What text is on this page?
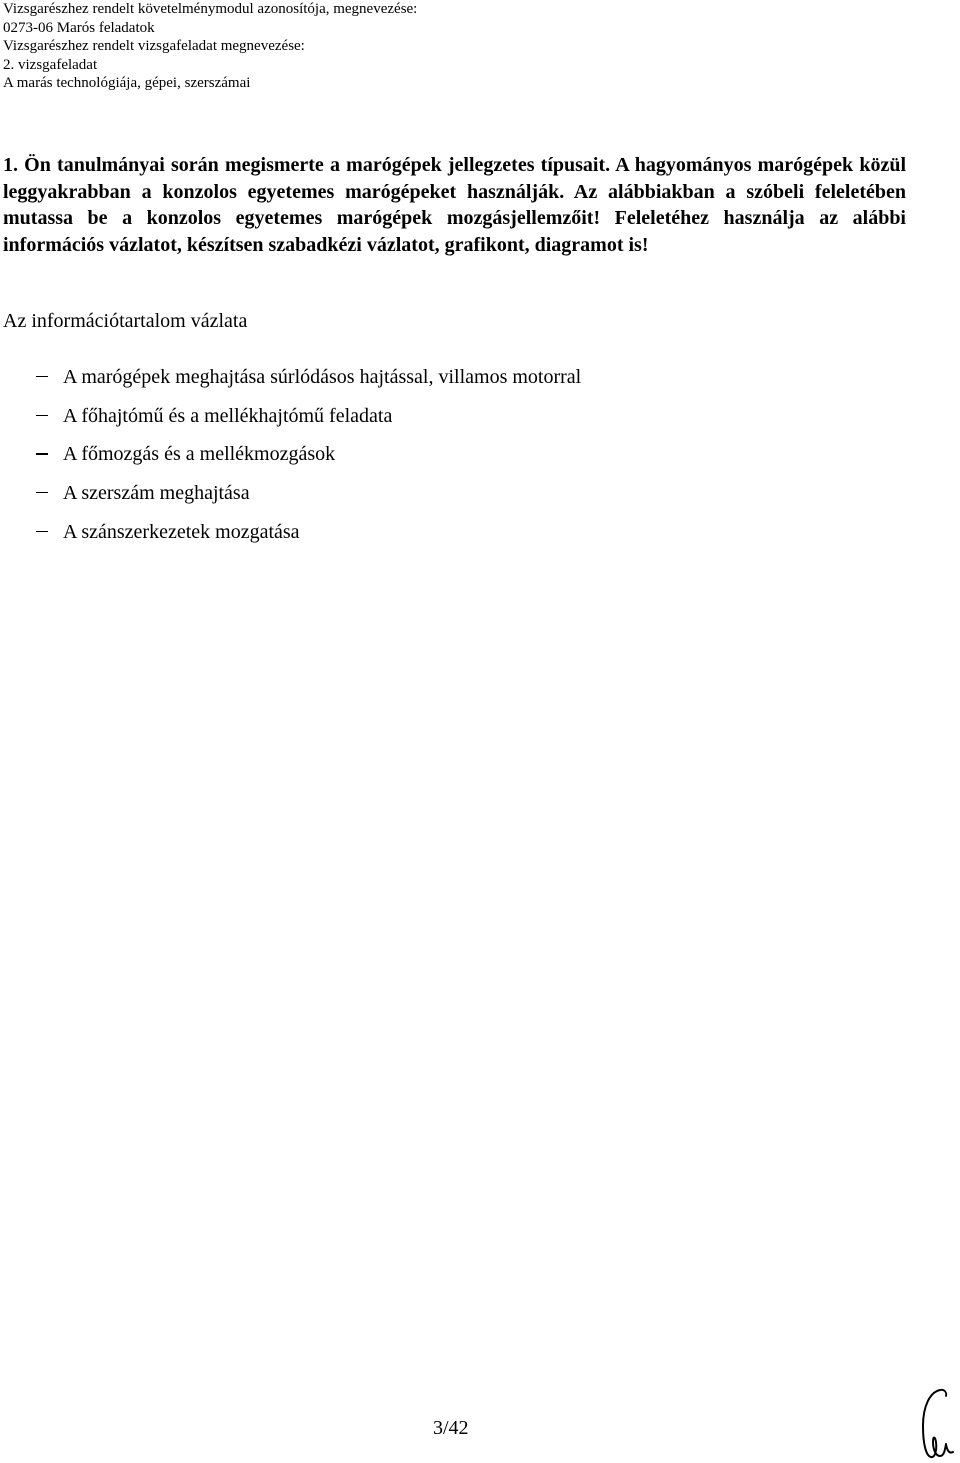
Vizsgarészhez rendelt követelménymodul azonosítója, megnevezése:
0273-06 Marós feladatok
Vizsgarészhez rendelt vizsgafeladat megnevezése:
2. vizsgafeladat
A marás technológiája, gépei, szerszámai
1. Ön tanulmányai során megismerte a marógépek jellegzetes típusait. A hagyományos marógépek közül leggyakrabban a konzolos egyetemes marógépeket használják. Az alábbiakban a szóbeli feleletében mutassa be a konzolos egyetemes marógépek mozgásjellemzőit! Feleletéhez használja az alábbi információs vázlatot, készítsen szabadkézi vázlatot, grafikont, diagramot is!
Az információtartalom vázlata
A marógépek meghajtása súrlódásos hajtással, villamos motorral
A főhajtómű és a mellékhajtómű feladata
A főmozgás és a mellékmozgások
A szerszám meghajtása
A szánszerkezetek mozgatása
3/42
